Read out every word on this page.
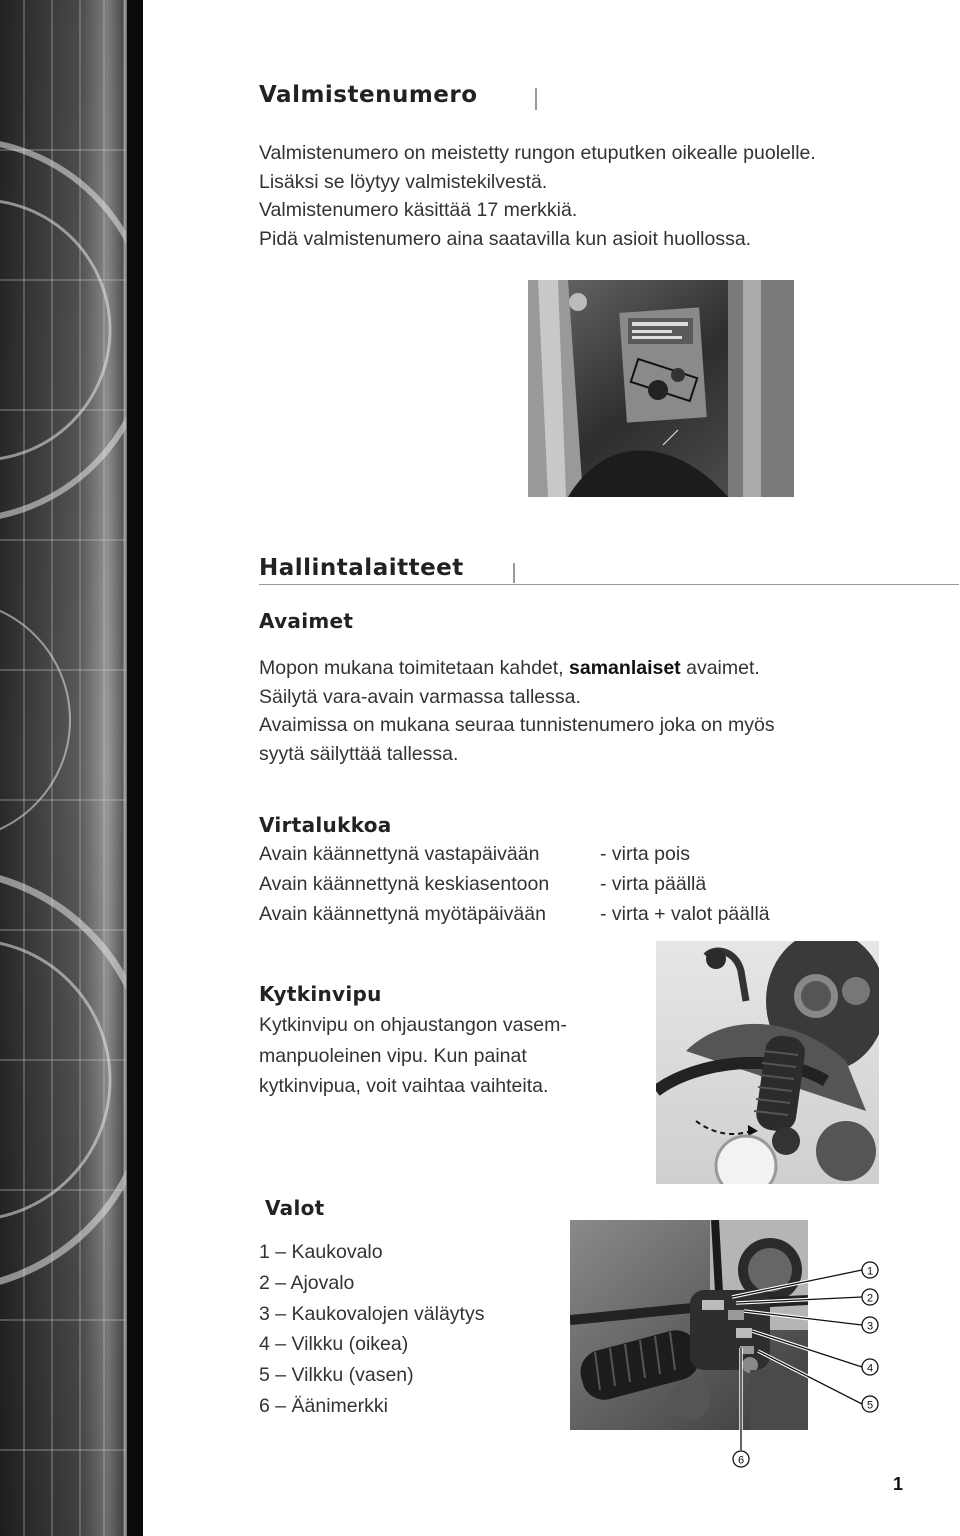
Valmistenumero
Valmistenumero on meistetty rungon etuputken oikealle puolelle.
Lisäksi se löytyy valmistekilvestä.
Valmistenumero käsittää 17 merkkiä.
Pidä valmistenumero aina saatavilla kun asioit huollossa.
Hallintalaitteet
Avaimet
Mopon mukana toimitetaan kahdet, samanlaiset avaimet.
Säilytä vara-avain varmassa tallessa.
Avaimissa on mukana seuraa tunnistenumero joka on myös
syytä säilyttää tallessa.
Virtalukkoa
Avain käännettynä vastapäivään	- virta pois
Avain käännettynä keskiasentoon	- virta päällä
Avain käännettynä myötäpäivään	- virta + valot päällä
Kytkinvipu
Kytkinvipu on ohjaustangon vasem-
manpuoleinen vipu. Kun painat
kytkinvipua, voit vaihtaa vaihteita.
Valot
1 – Kaukovalo
2 – Ajovalo
3 – Kaukovalojen väläytys
4 – Vilkku (oikea)
5 – Vilkku (vasen)
6 – Äänimerkki
1
2
3
4
5
6
1
